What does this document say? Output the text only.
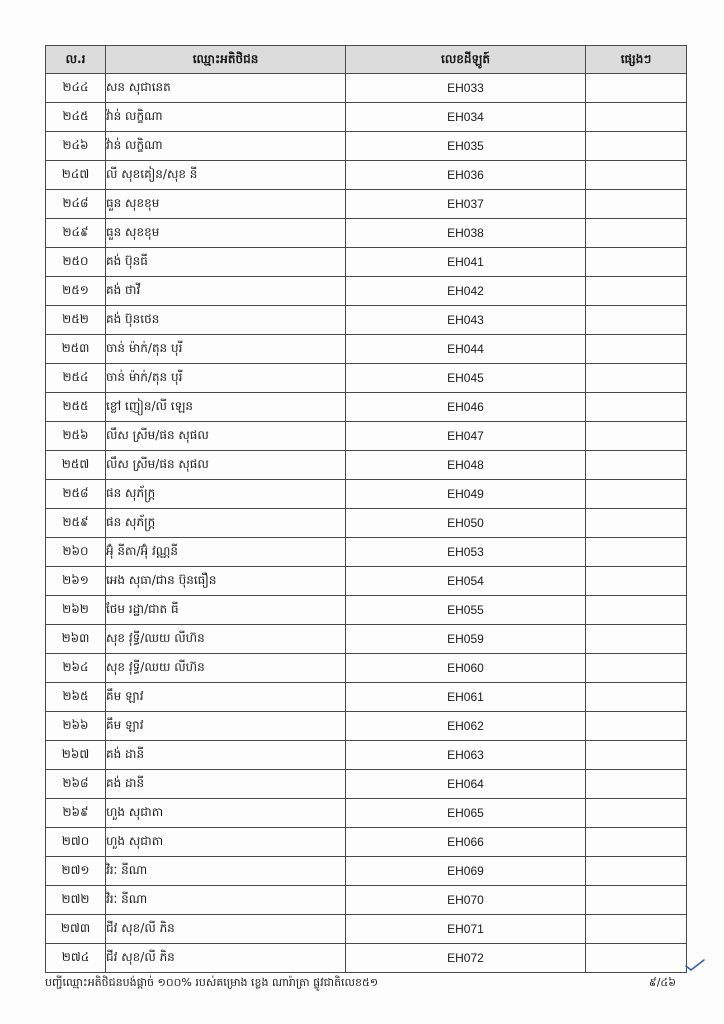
ល.រ	ឈ្មោះអតិថិជន	លេខដីឡូត៍	ផ្សេងៗ
២៤៤	សន សុជានេត	EH033	
២៤៥	វ៉ាន់ លក្ខិណា	EH034	
២៤៦	វ៉ាន់ លក្ខិណា	EH035	
២៤៧	លី សុខគៀន/សុខ នី	EH036	
២៤៨	ធួន សុខខុម	EH037	
២៤៩	ធួន សុខខុម	EH038	
២៥០	គង់ ប៊ុនធី	EH041	
២៥១	គង់ ថាវី	EH042	
២៥២	គង់ ប៊ុនថេន	EH043	
២៥៣	ចាន់ ម៉ាក់/តុន បុរី	EH044	
២៥៤	ចាន់ ម៉ាក់/តុន បុរី	EH045	
២៥៥	ខ្លៅ ញៀន/លី ឡេន	EH046	
២៥៦	លឹស ស្រីម/ផន សុផល	EH047	
២៥៧	លឹស ស្រីម/ផន សុផល	EH048	
២៥៨	ផន សុភ័ក្ត្រ	EH049	
២៥៩	ផន សុភ័ក្ត្រ	EH050	
២៦០	អ៊ុំ នីតា/អ៊ុំ វណ្ណនី	EH053	
២៦១	អេង សុធា/ជាន ប៊ុនធឿន	EH054	
២៦២	ថែម រដ្ឋា/ជាត ធី	EH055	
២៦៣	សុខ វុទ្ធី/ឈយ លីហ៊ន	EH059	
២៦៤	សុខ វុទ្ធី/ឈយ លីហ៊ន	EH060	
២៦៥	គឹម ឡាវ	EH061	
២៦៦	គឹម ឡាវ	EH062	
២៦៧	គង់ ដានី	EH063	
២៦៨	គង់ ដានី	EH064	
២៦៩	ហួង សុជាតា	EH065	
២៧០	ហួង សុជាតា	EH066	
២៧១	វិរៈ នីណា	EH069	
២៧២	វិរៈ នីណា	EH070	
២៧៣	ជីវ សុខ/លី ភិន	EH071	
២៧៤	ជីវ សុខ/លី ភិន	EH072	
បញ្ជីឈ្មោះអតិថិជនបង់ផ្តាច់ ១០០% របស់គម្រោង ខ្លេង ណារ៉ាត្រា ផ្លូវជាតិលេខ៥១	៩/៤៦
